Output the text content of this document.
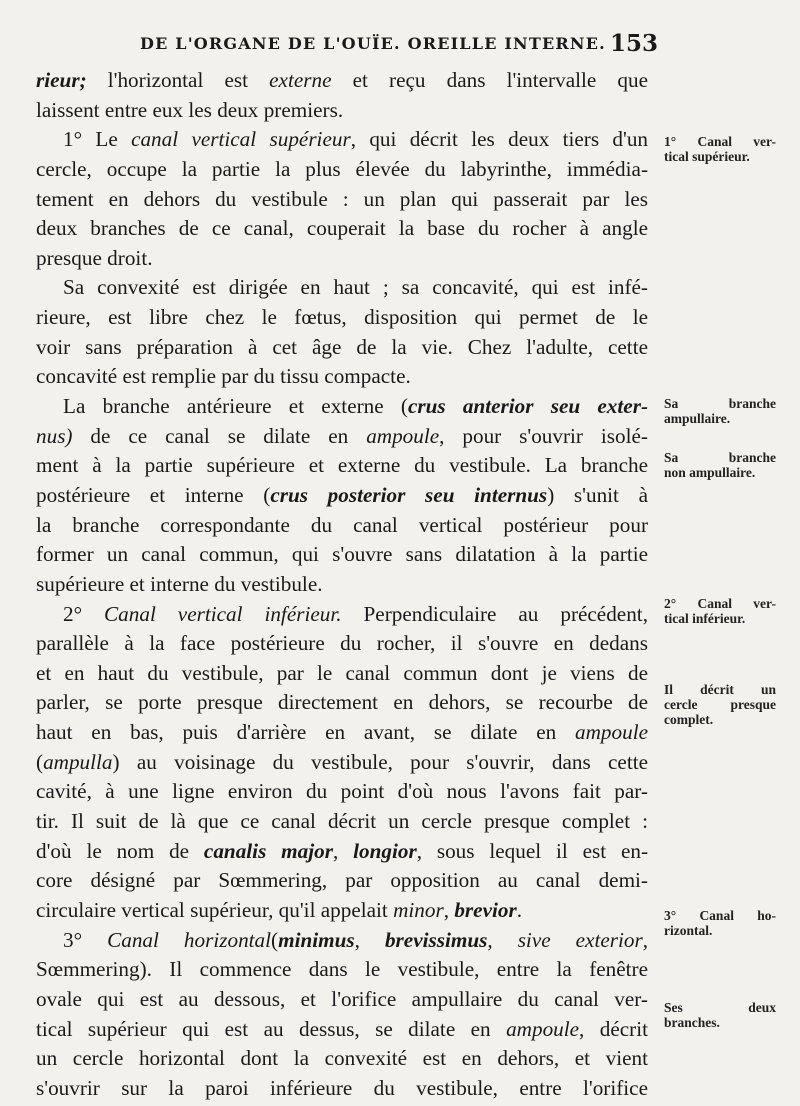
DE L'ORGANE DE L'OUÏE. OREILLE INTERNE. 153
rieur; l'horizontal est externe et reçu dans l'intervalle que
laissent entre eux les deux premiers.
1° Le canal vertical supérieur, qui décrit les deux tiers d'un
cercle, occupe la partie la plus élevée du labyrinthe, immédia-
tement en dehors du vestibule : un plan qui passerait par les
deux branches de ce canal, couperait la base du rocher à angle
presque droit.
Sa convexité est dirigée en haut ; sa concavité, qui est infé-
rieure, est libre chez le fœtus, disposition qui permet de le
voir sans préparation à cet âge de la vie. Chez l'adulte, cette
concavité est remplie par du tissu compacte.
La branche antérieure et externe (crus anterior seu exter-
nus) de ce canal se dilate en ampoule, pour s'ouvrir isolé-
ment à la partie supérieure et externe du vestibule. La branche
postérieure et interne (crus posterior seu internus) s'unit à
la branche correspondante du canal vertical postérieur pour
former un canal commun, qui s'ouvre sans dilatation à la partie
supérieure et interne du vestibule.
2° Canal vertical inférieur. Perpendiculaire au précédent,
parallèle à la face postérieure du rocher, il s'ouvre en dedans
et en haut du vestibule, par le canal commun dont je viens de
parler, se porte presque directement en dehors, se recourbe de
haut en bas, puis d'arrière en avant, se dilate en ampoule
(ampulla) au voisinage du vestibule, pour s'ouvrir, dans cette
cavité, à une ligne environ du point d'où nous l'avons fait par-
tir. Il suit de là que ce canal décrit un cercle presque complet :
d'où le nom de canalis major, longior, sous lequel il est en-
core désigné par Sœmmering, par opposition au canal demi-
circulaire vertical supérieur, qu'il appelait minor, brevior.
3° Canal horizontal(minimus, brevissimus, sive exterior,
Sœmmering). Il commence dans le vestibule, entre la fenêtre
ovale qui est au dessous, et l'orifice ampullaire du canal ver-
tical supérieur qui est au dessus, se dilate en ampoule, décrit
un cercle horizontal dont la convexité est en dehors, et vient
s'ouvrir sur la paroi inférieure du vestibule, entre l'orifice
1° Canal ver-
tical supérieur.
Sa branche
ampullaire.
Sa branche
non ampullaire.
2° Canal ver-
tical inférieur.
Il décrit un
cercle presque
complet.
3° Canal ho-
rizontal.
Ses deux
branches.
